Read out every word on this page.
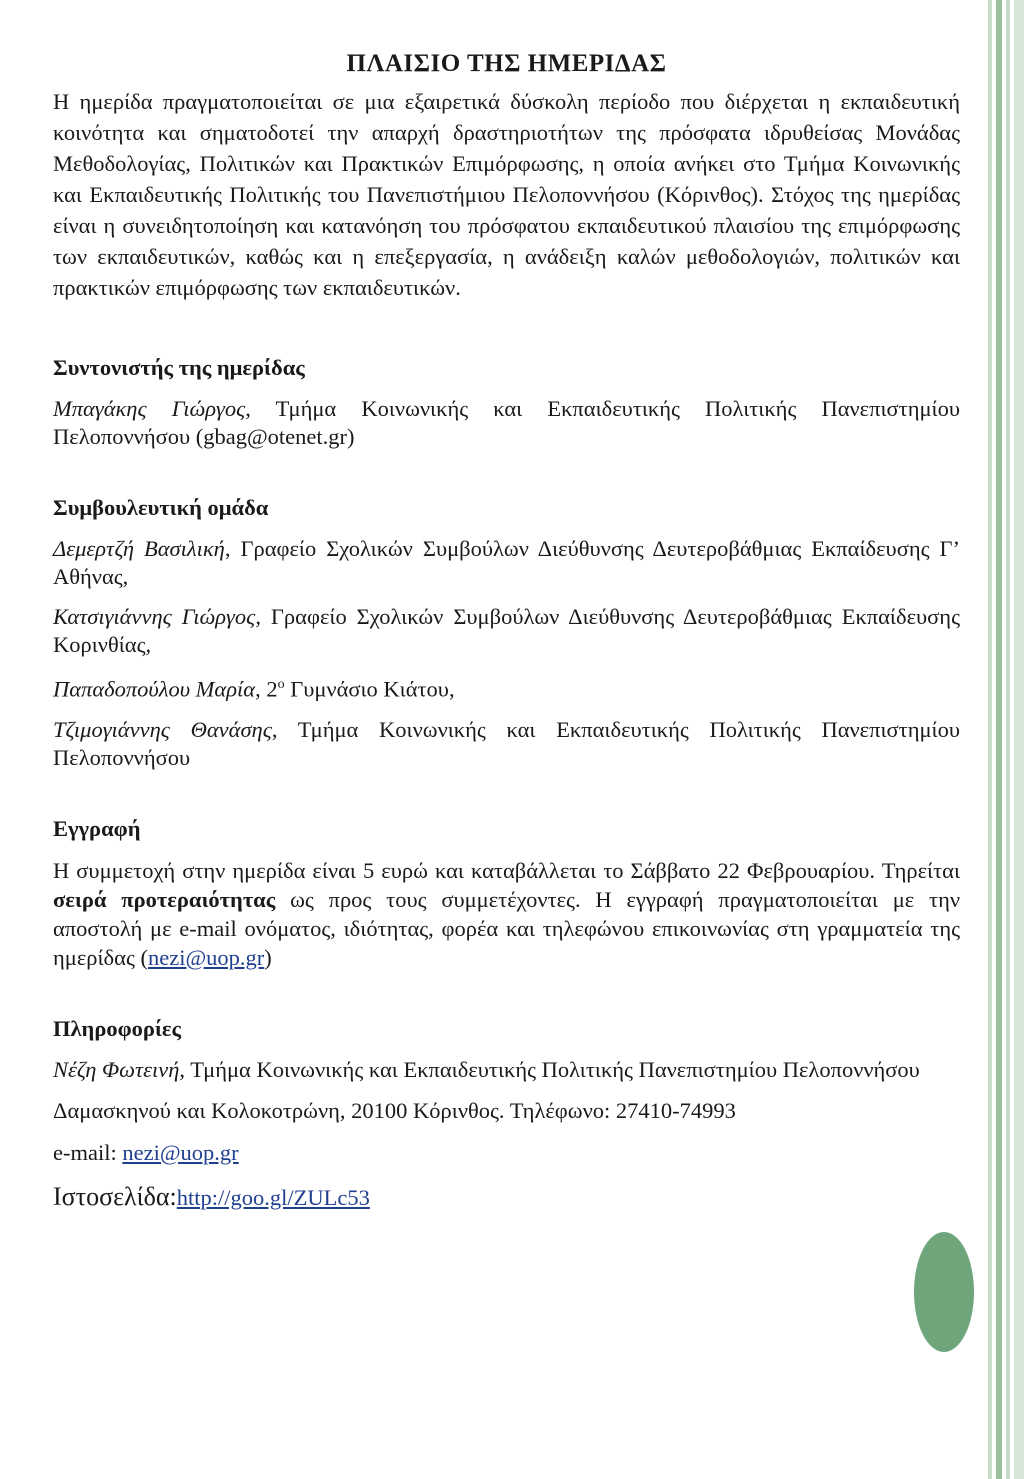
ΠΛΑΙΣΙΟ ΤΗΣ ΗΜΕΡΙΔΑΣ

Η ημερίδα πραγματοποιείται σε μια εξαιρετικά δύσκολη περίοδο που διέρχεται η εκπαιδευτική κοινότητα και σηματοδοτεί την απαρχή δραστηριοτήτων της πρόσφατα ιδρυθείσας Μονάδας Μεθοδολογίας, Πολιτικών και Πρακτικών Επιμόρφωσης, η οποία ανήκει στο Τμήμα Κοινωνικής και Εκπαιδευτικής Πολιτικής του Πανεπιστήμιου Πελοποννήσου (Κόρινθος). Στόχος της ημερίδας είναι η συνειδητοποίηση και κατανόηση του πρόσφατου εκπαιδευτικού πλαισίου της επιμόρφωσης των εκπαιδευτικών, καθώς και η επεξεργασία, η ανάδειξη καλών μεθοδολογιών, πολιτικών και πρακτικών επιμόρφωσης των εκπαιδευτικών.

Συντονιστής της ημερίδας

Μπαγάκης Γιώργος, Τμήμα Κοινωνικής και Εκπαιδευτικής Πολιτικής Πανεπιστημίου Πελοποννήσου (gbag@otenet.gr)

Συμβουλευτική ομάδα

Δεμερτζή Βασιλική, Γραφείο Σχολικών Συμβούλων Διεύθυνσης Δευτεροβάθμιας Εκπαίδευσης Γ’ Αθήνας,

Κατσιγιάννης Γιώργος, Γραφείο Σχολικών Συμβούλων Διεύθυνσης Δευτεροβάθμιας Εκπαίδευσης Κορινθίας,

Παπαδοπούλου Μαρία, $2^o$ Γυμνάσιο Κιάτου,

Τζιμογιάννης Θανάσης, Τμήμα Κοινωνικής και Εκπαιδευτικής Πολιτικής Πανεπιστημίου Πελοποννήσου

Εγγραφή

Η συμμετοχή στην ημερίδα είναι 5 ευρώ και καταβάλλεται το Σάββατο 22 Φεβρουαρίου. Τηρείται σειρά προτεραιότητας ως προς τους συμμετέχοντες. Η εγγραφή πραγματοποιείται με την αποστολή με e-mail ονόματος, ιδιότητας, φορέα και τηλεφώνου επικοινωνίας στη γραμματεία της ημερίδας (nezi@uop.gr)

Πληροφορίες

Νέζη Φωτεινή, Τμήμα Κοινωνικής και Εκπαιδευτικής Πολιτικής Πανεπιστημίου Πελοποννήσου

Δαμασκηνού και Κολοκοτρώνη, 20100 Κόρινθος. Τηλέφωνο: 27410-74993
e-mail: nezi@uop.gr
Ιστοσελίδα:http://goo.gl/ZULc53
